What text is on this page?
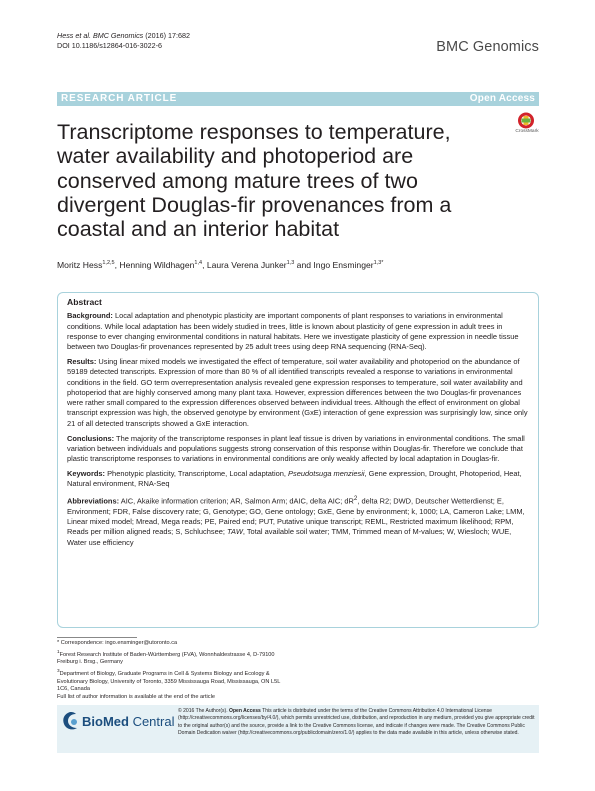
Hess et al. BMC Genomics (2016) 17:682
DOI 10.1186/s12864-016-3022-6	BMC Genomics
RESEARCH ARTICLE	Open Access
Transcriptome responses to temperature, water availability and photoperiod are conserved among mature trees of two divergent Douglas-fir provenances from a coastal and an interior habitat
CrossMark
Moritz Hess$^{1,2,5}$, Henning Wildhagen$^{1,4}$, Laura Verena Junker$^{1,3}$ and Ingo Ensminger$^{1,3*}$
Abstract

Background: Local adaptation and phenotypic plasticity are important components of plant responses to variations in environmental conditions. While local adaptation has been widely studied in trees, little is known about plasticity of gene expression in adult trees in response to ever changing environmental conditions in natural habitats. Here we investigate plasticity of gene expression in needle tissue between two Douglas-fir provenances represented by 25 adult trees using deep RNA sequencing (RNA-Seq).

Results: Using linear mixed models we investigated the effect of temperature, soil water availability and photoperiod on the abundance of 59189 detected transcripts. Expression of more than 80 % of all identified transcripts revealed a response to variations in environmental conditions in the field. GO term overrepresentation analysis revealed gene expression responses to temperature, soil water availability and photoperiod that are highly conserved among many plant taxa. However, expression differences between the two Douglas-fir provenances were rather small compared to the expression differences observed between individual trees. Although the effect of environment on global transcript expression was high, the observed genotype by environment (GxE) interaction of gene expression was surprisingly low, since only 21 of all detected transcripts showed a GxE interaction.

Conclusions: The majority of the transcriptome responses in plant leaf tissue is driven by variations in environmental conditions. The small variation between individuals and populations suggests strong conservation of this response within Douglas-fir. Therefore we conclude that plastic transcriptome responses to variations in environmental conditions are only weakly affected by local adaptation in Douglas-fir.

Keywords: Phenotypic plasticity, Transcriptome, Local adaptation, Pseudotsuga menziesii, Gene expression, Drought, Photoperiod, Heat, Natural environment, RNA-Seq

Abbreviations: AIC, Akaike information criterion; AR, Salmon Arm; dAIC, delta AIC; $dR^2$, delta R2; DWD, Deutscher Wetterdienst; E, Environment; FDR, False discovery rate; G, Genotype; GO, Gene ontology; GxE, Gene by environment; k, 1000; LA, Cameron Lake; LMM, Linear mixed model; Mread, Mega reads; PE, Paired end; PUT, Putative unique transcript; REML, Restricted maximum likelihood; RPM, Reads per million aligned reads; S, Schluchsee; TAW, Total available soil water; TMM, Trimmed mean of M-values; W, Wiesloch; WUE, Water use efficiency

* Correspondence: ingo.ensminger@utoronto.ca

$^1$Forest Research Institute of Baden-Württemberg (FVA), Wonnhaldestrasse 4, D-79100 Freiburg i. Brsg., Germany

$^3$Department of Biology, Graduate Programs in Cell & Systems Biology and Ecology & Evolutionary Biology, University of Toronto, 3359 Mississauga Road, Mississauga, ON L5L 1C6, Canada

Full list of author information is available at the end of the article

BioMed Central
© 2016 The Author(s). Open Access This article is distributed under the terms of the Creative Commons Attribution 4.0 International License (http://creativecommons.org/licenses/by/4.0/), which permits unrestricted use, distribution, and reproduction in any medium, provided you give appropriate credit to the original author(s) and the source, provide a link to the Creative Commons license, and indicate if changes were made. The Creative Commons Public Domain Dedication waiver (http://creativecommons.org/publicdomain/zero/1.0/) applies to the data made available in this article, unless otherwise stated.
